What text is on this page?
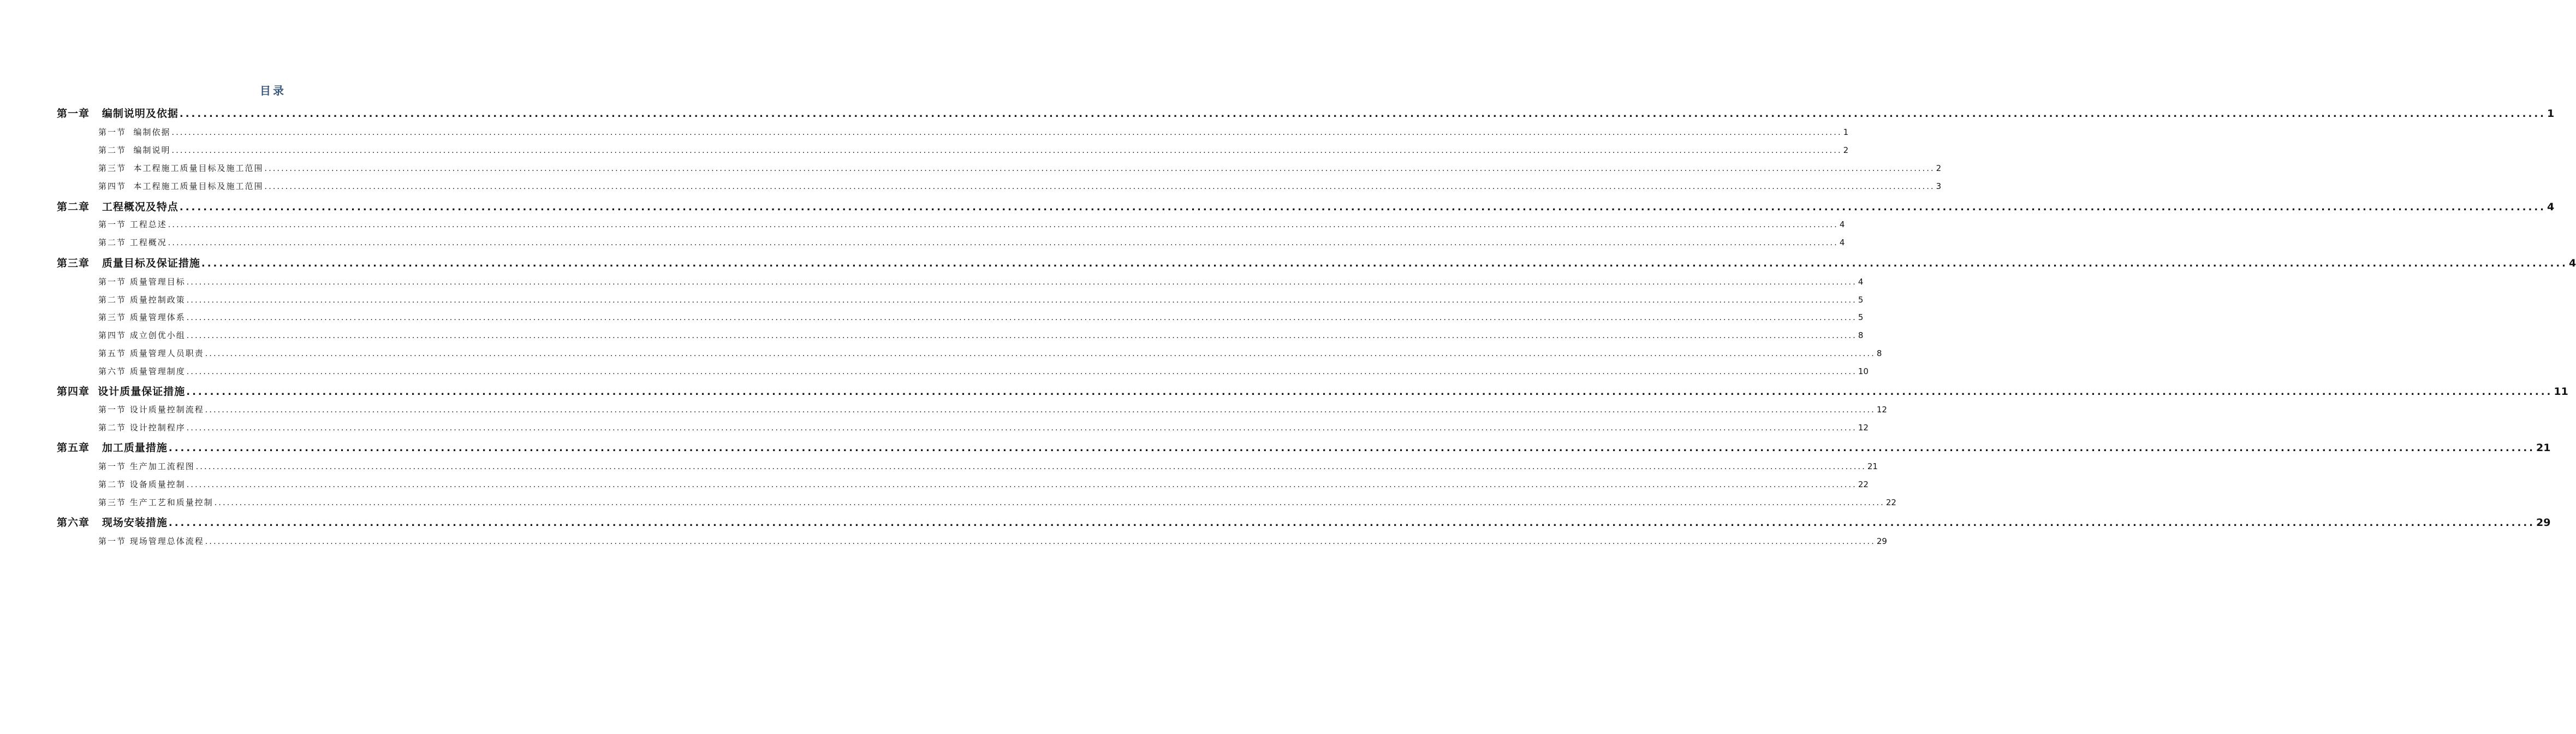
目录
第一章   编制说明及依据 ................................................................................................................................................................................................................................................................................................................................................................................................................ 1
第一节  编制依据 ................................................................................................................................................................................................................................................................................................................................................................................................................ 1
第二节  编制说明 ................................................................................................................................................................................................................................................................................................................................................................................................................ 2
第三节  本工程施工质量目标及施工范围 ................................................................................................................................................................................................................................................................................................................................................................................................................ 2
第四节  本工程施工质量目标及施工范围 ................................................................................................................................................................................................................................................................................................................................................................................................................ 3
第二章   工程概况及特点 ................................................................................................................................................................................................................................................................................................................................................................................................................ 4
第一节 工程总述 ................................................................................................................................................................................................................................................................................................................................................................................................................ 4
第二节 工程概况 ................................................................................................................................................................................................................................................................................................................................................................................................................ 4
第三章   质量目标及保证措施 ................................................................................................................................................................................................................................................................................................................................................................................................................ 4
第一节 质量管理目标 ................................................................................................................................................................................................................................................................................................................................................................................................................ 4
第二节 质量控制政策 ................................................................................................................................................................................................................................................................................................................................................................................................................ 5
第三节 质量管理体系 ................................................................................................................................................................................................................................................................................................................................................................................................................ 5
第四节 成立创优小组 ................................................................................................................................................................................................................................................................................................................................................................................................................ 8
第五节 质量管理人员职责 ................................................................................................................................................................................................................................................................................................................................................................................................................ 8
第六节 质量管理制度 ................................................................................................................................................................................................................................................................................................................................................................................................................ 10
第四章  设计质量保证措施 ................................................................................................................................................................................................................................................................................................................................................................................................................ 11
第一节 设计质量控制流程 ................................................................................................................................................................................................................................................................................................................................................................................................................ 12
第二节 设计控制程序 ................................................................................................................................................................................................................................................................................................................................................................................................................ 12
第五章   加工质量措施 ................................................................................................................................................................................................................................................................................................................................................................................................................ 21
第一节 生产加工流程图 ................................................................................................................................................................................................................................................................................................................................................................................................................ 21
第二节 设备质量控制 ................................................................................................................................................................................................................................................................................................................................................................................................................ 22
第三节 生产工艺和质量控制 ................................................................................................................................................................................................................................................................................................................................................................................................................ 22
第六章   现场安装措施 ................................................................................................................................................................................................................................................................................................................................................................................................................ 29
第一节 现场管理总体流程 ................................................................................................................................................................................................................................................................................................................................................................................................................ 29
